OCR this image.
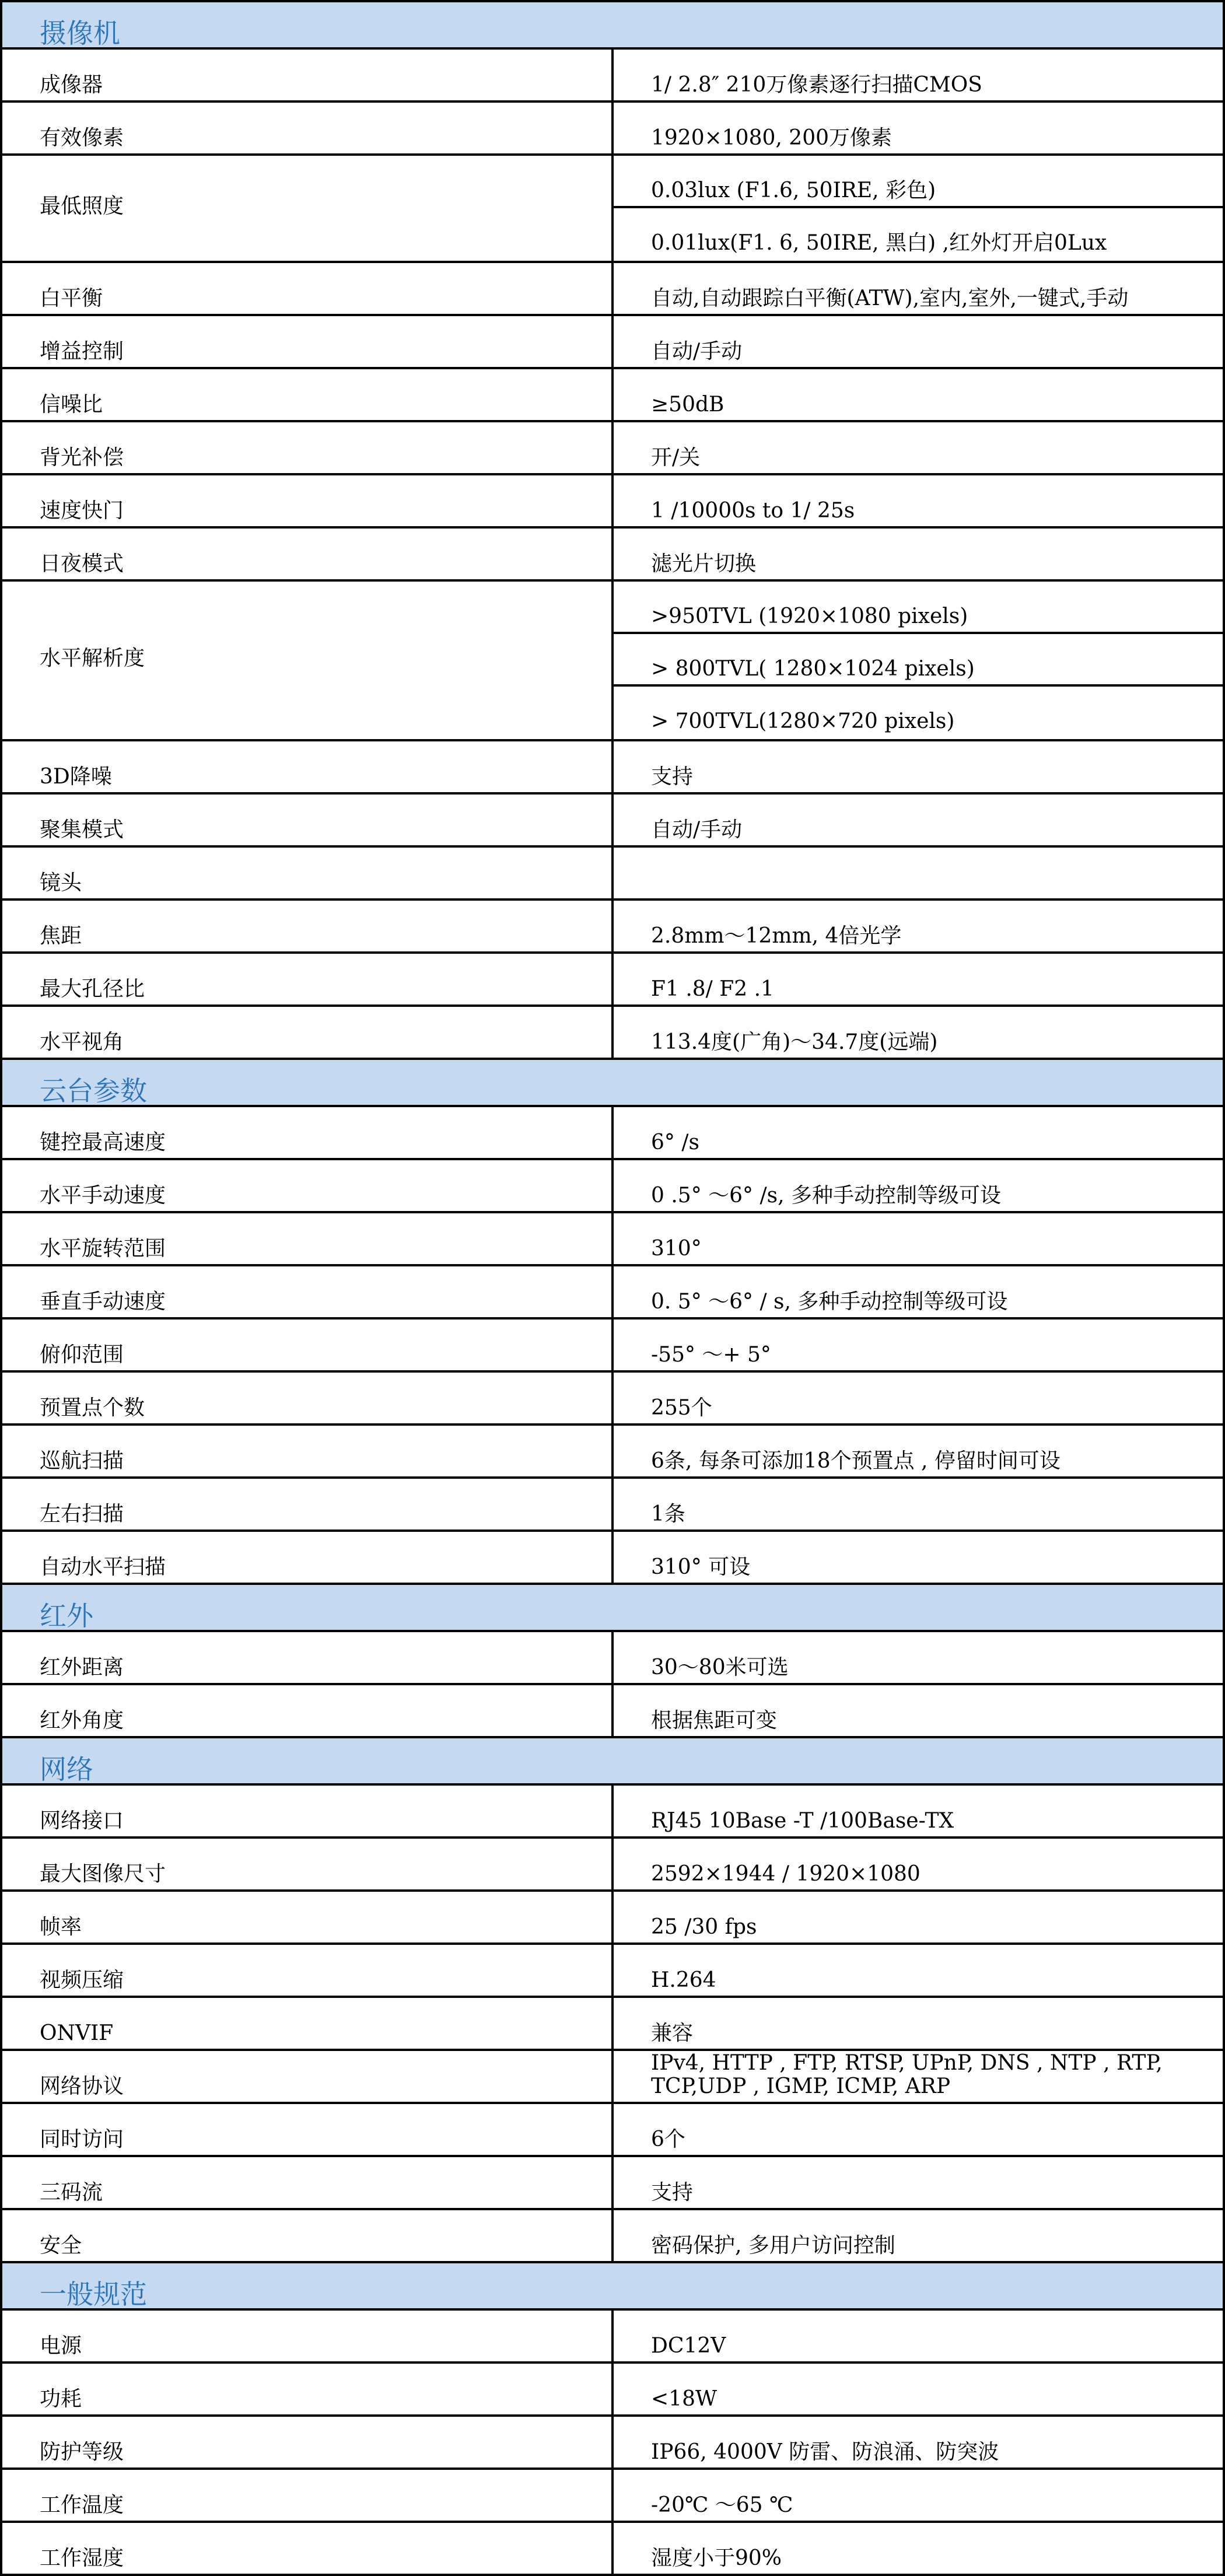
摄像机	
成像器	1/ 2.8″ 210万像素逐行扫描CMOS

有效像素	1920×1080, 200万像素

最低照度	0.03lux (F1.6, 50IRE, 彩色)
0.01lux(F1. 6, 50IRE, 黑白) ,红外灯开启0Lux

白平衡	自动,自动跟踪白平衡(ATW),室内,室外,一键式,手动

增益控制	自动/手动

信噪比	≥50dB

背光补偿	开/关

速度快门	1 /10000s to 1/ 25s

日夜模式	滤光片切换

水平解析度	>950TVL (1920×1080 pixels)
> 800TVL( 1280×1024 pixels)
> 700TVL(1280×720 pixels)

3D降噪	支持

聚集模式	自动/手动

镜头	

焦距	2.8mm～12mm, 4倍光学

最大孔径比	F1 .8/ F2 .1

水平视角	113.4度(广角)～34.7度(远端)

云台参数	
键控最高速度	6° /s

水平手动速度	0 .5° ～6° /s, 多种手动控制等级可设

水平旋转范围	310°

垂直手动速度	0. 5° ～6° / s, 多种手动控制等级可设

俯仰范围	-55° ～+ 5°

预置点个数	255个

巡航扫描	6条, 每条可添加18个预置点 , 停留时间可设

左右扫描	1条

自动水平扫描	310° 可设

红外	
红外距离	30～80米可选

红外角度	根据焦距可变

网络	
网络接口	RJ45 10Base -T /100Base-TX

最大图像尺寸	2592×1944 / 1920×1080

帧率	25 /30 fps

视频压缩	H.264

ONVIF	兼容

网络协议	IPv4, HTTP , FTP, RTSP, UPnP, DNS , NTP , RTP, TCP,UDP , IGMP, ICMP, ARP

同时访问	6个

三码流	支持

安全	密码保护, 多用户访问控制

一般规范	
电源	DC12V

功耗	<18W

防护等级	IP66, 4000V 防雷、防浪涌、防突波

工作温度	-20℃ ～65 ℃

工作湿度	湿度小于90%
